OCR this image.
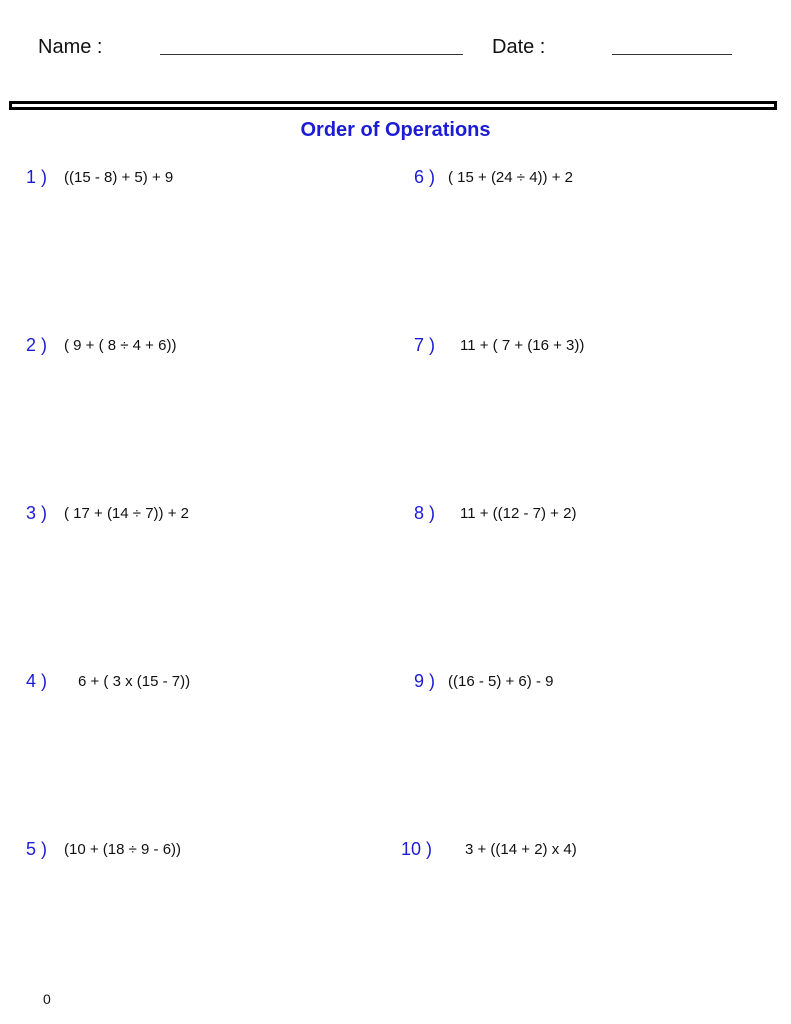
Name :	Date :
Order of Operations
1 ) ((15 - 8) + 5) + 9
2 ) ( 9 + ( 8 ÷ 4 + 6))
3 ) ( 17 + (14 ÷ 7)) + 2
4 ) 6 + ( 3 x (15 - 7))
5 ) (10 + (18 ÷ 9 - 6))
6 ) ( 15 + (24 ÷ 4)) + 2
7 ) 11 + ( 7 + (16 + 3))
8 ) 11 + ((12 - 7) + 2)
9 ) ((16 - 5) + 6) - 9
10 ) 3 + ((14 + 2) x 4)
0
